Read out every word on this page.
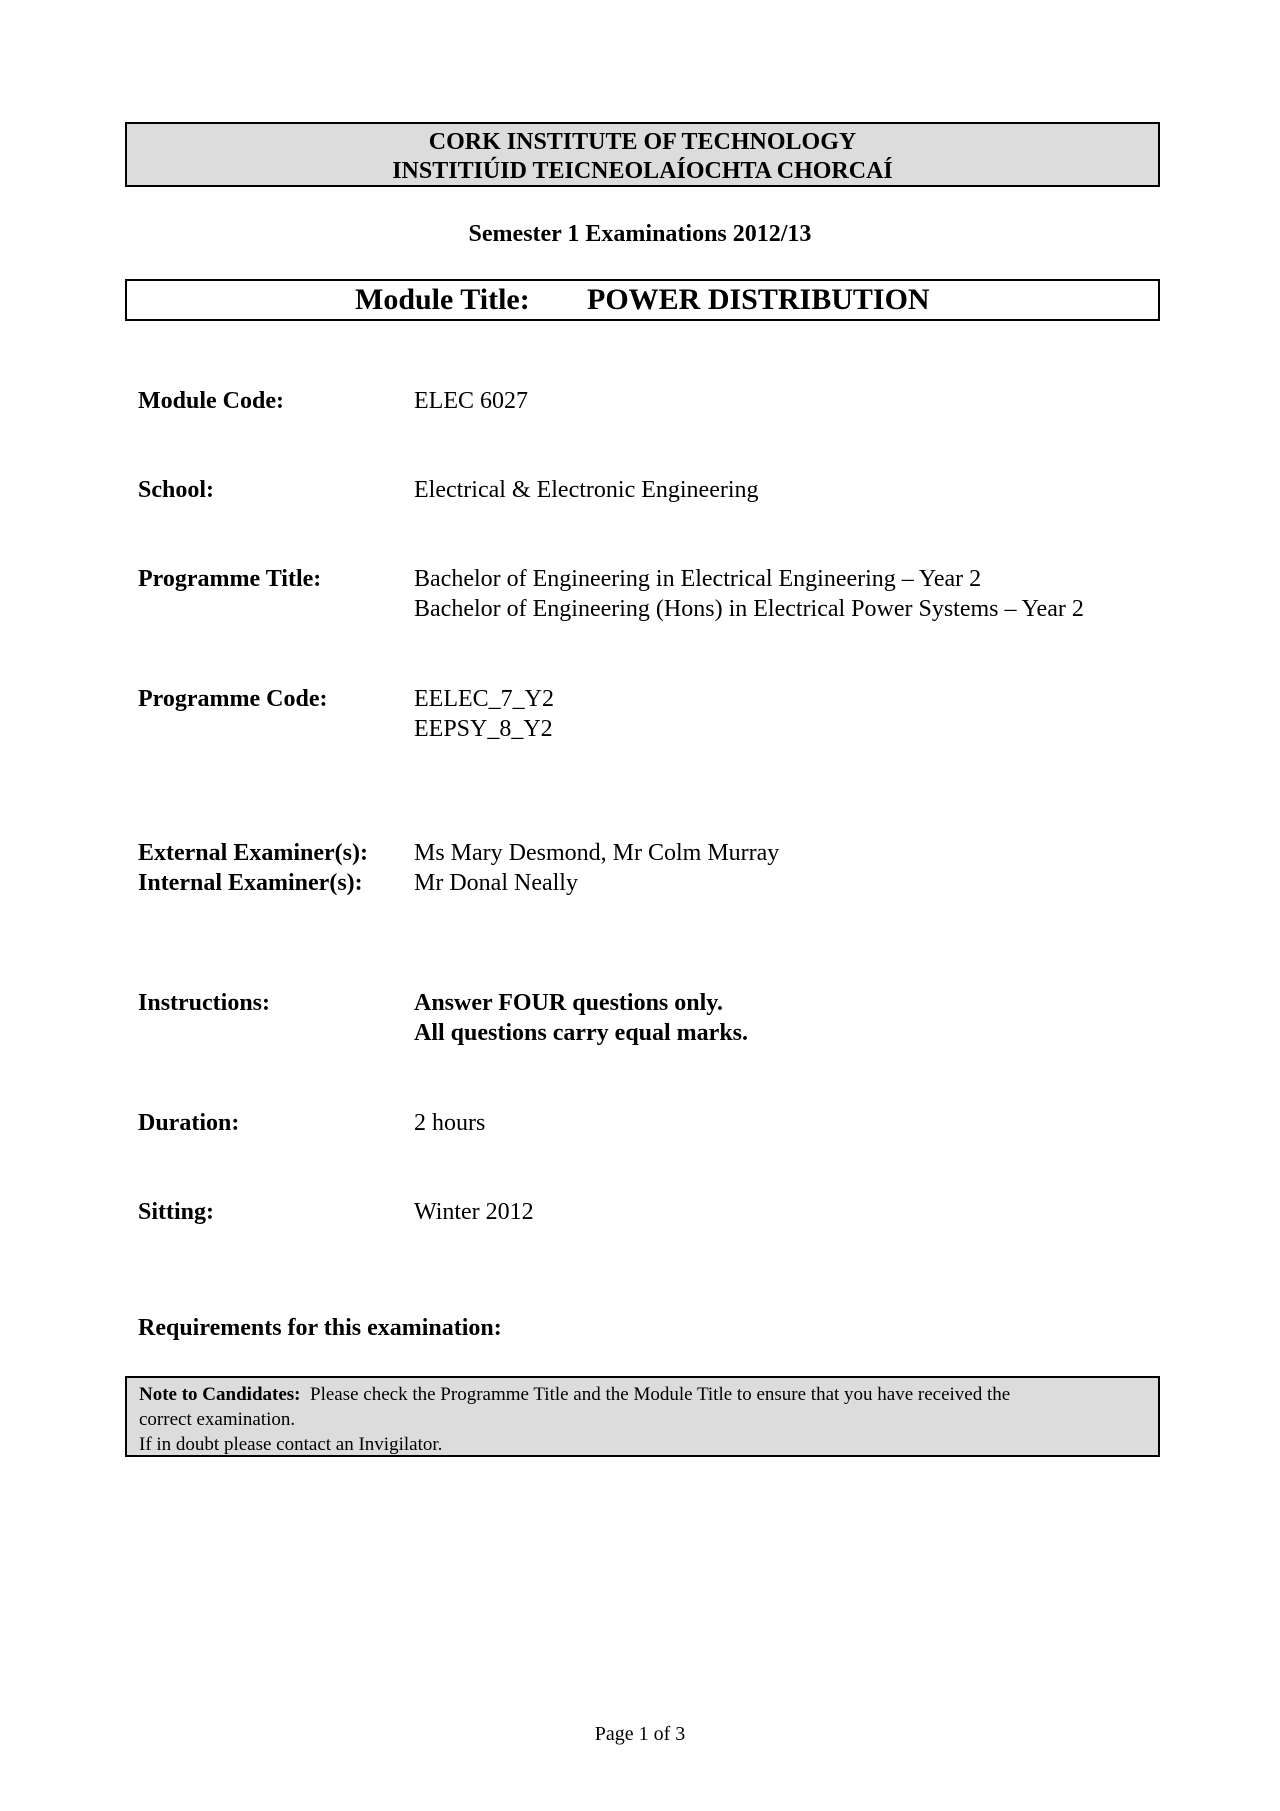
CORK INSTITUTE OF TECHNOLOGY
INSTITIÚID TEICNEOLAÍOCHTA CHORCAÍ
Semester 1 Examinations 2012/13
Module Title: POWER DISTRIBUTION
Module Code:	ELEC 6027
School:	Electrical & Electronic Engineering
Programme Title:	Bachelor of Engineering in Electrical Engineering – Year 2
Bachelor of Engineering (Hons) in Electrical Power Systems – Year 2
Programme Code:	EELEC_7_Y2
EEPSY_8_Y2
External Examiner(s): Ms Mary Desmond, Mr Colm Murray
Internal Examiner(s): Mr Donal Neally
Instructions:	Answer FOUR questions only.
All questions carry equal marks.
Duration:	2 hours
Sitting:	Winter 2012
Requirements for this examination:
Note to Candidates: Please check the Programme Title and the Module Title to ensure that you have received the
correct examination.
If in doubt please contact an Invigilator.
Page 1 of 3
